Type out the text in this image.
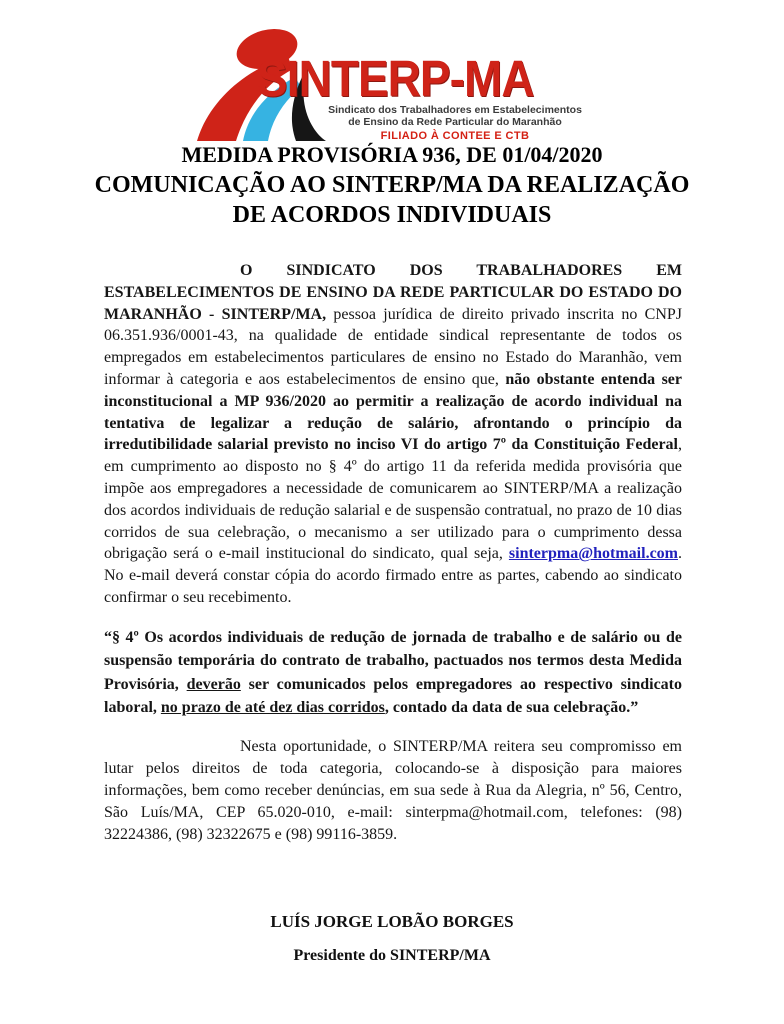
SINTERP-MA
Sindicato dos Trabalhadores em Estabelecimentos
de Ensino da Rede Particular do Maranhão
FILIADO À CONTEE E CTB
MEDIDA PROVISÓRIA 936, DE 01/04/2020
COMUNICAÇÃO AO SINTERP/MA DA REALIZAÇÃO
DE ACORDOS INDIVIDUAIS

O SINDICATO DOS TRABALHADORES EM ESTABELECIMENTOS DE ENSINO DA REDE PARTICULAR DO ESTADO DO MARANHÃO - SINTERP/MA, pessoa jurídica de direito privado inscrita no CNPJ 06.351.936/0001-43, na qualidade de entidade sindical representante de todos os empregados em estabelecimentos particulares de ensino no Estado do Maranhão, vem informar à categoria e aos estabelecimentos de ensino que, não obstante entenda ser inconstitucional a MP 936/2020 ao permitir a realização de acordo individual na tentativa de legalizar a redução de salário, afrontando o princípio da irredutibilidade salarial previsto no inciso VI do artigo 7º da Constituição Federal, em cumprimento ao disposto no § 4º do artigo 11 da referida medida provisória que impõe aos empregadores a necessidade de comunicarem ao SINTERP/MA a realização dos acordos individuais de redução salarial e de suspensão contratual, no prazo de 10 dias corridos de sua celebração, o mecanismo a ser utilizado para o cumprimento dessa obrigação será o e-mail institucional do sindicato, qual seja, sinterpma@hotmail.com. No e-mail deverá constar cópia do acordo firmado entre as partes, cabendo ao sindicato confirmar o seu recebimento.

“§ 4º Os acordos individuais de redução de jornada de trabalho e de salário ou de suspensão temporária do contrato de trabalho, pactuados nos termos desta Medida Provisória, deverão ser comunicados pelos empregadores ao respectivo sindicato laboral, no prazo de até dez dias corridos, contado da data de sua celebração.”

Nesta oportunidade, o SINTERP/MA reitera seu compromisso em lutar pelos direitos de toda categoria, colocando-se à disposição para maiores informações, bem como receber denúncias, em sua sede à Rua da Alegria, nº 56, Centro, São Luís/MA, CEP 65.020-010, e-mail: sinterpma@hotmail.com, telefones: (98) 32224386, (98) 32322675 e (98) 99116-3859.

LUÍS JORGE LOBÃO BORGES
Presidente do SINTERP/MA
